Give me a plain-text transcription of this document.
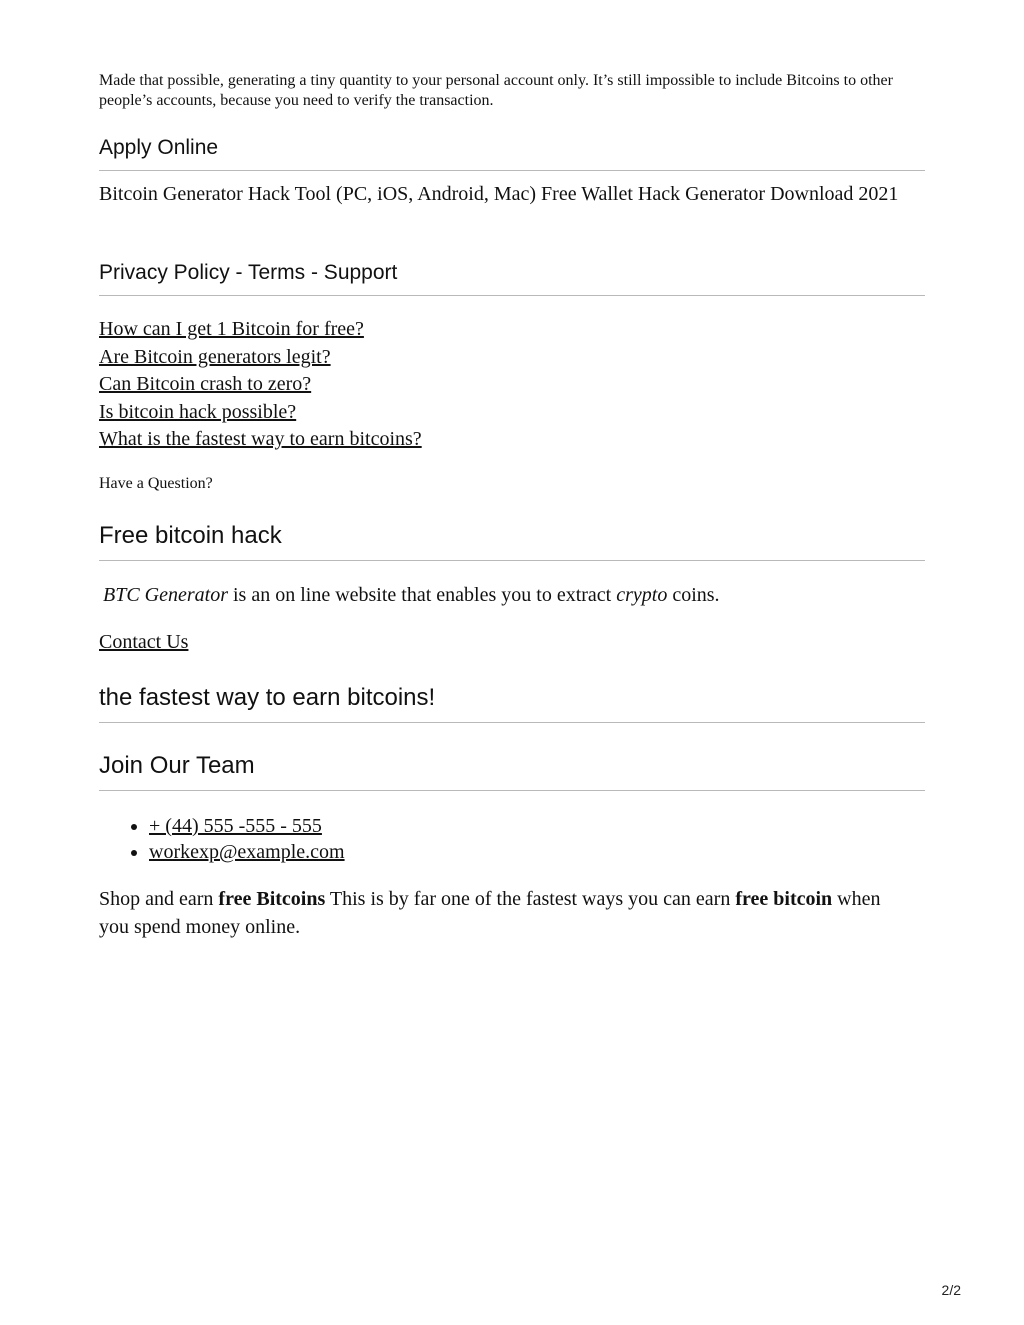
Made that possible, generating a tiny quantity to your personal account only. It’s still impossible to include Bitcoins to other people’s accounts, because you need to verify the transaction.

Apply Online

Bitcoin Generator Hack Tool (PC, iOS, Android, Mac) Free Wallet Hack Generator Download 2021

Privacy Policy - Terms - Support
How can I get 1 Bitcoin for free?
Are Bitcoin generators legit?
Can Bitcoin crash to zero?
Is bitcoin hack possible?
What is the fastest way to earn bitcoins?

Have a Question?

Free bitcoin hack

BTC Generator is an on line website that enables you to extract crypto coins.

Contact Us
the fastest way to earn bitcoins!
Join Our Team
• + (44) 555 -555 - 555
• workexp@example.com

Shop and earn free Bitcoins This is by far one of the fastest ways you can earn free bitcoin when you spend money online.

2/2
